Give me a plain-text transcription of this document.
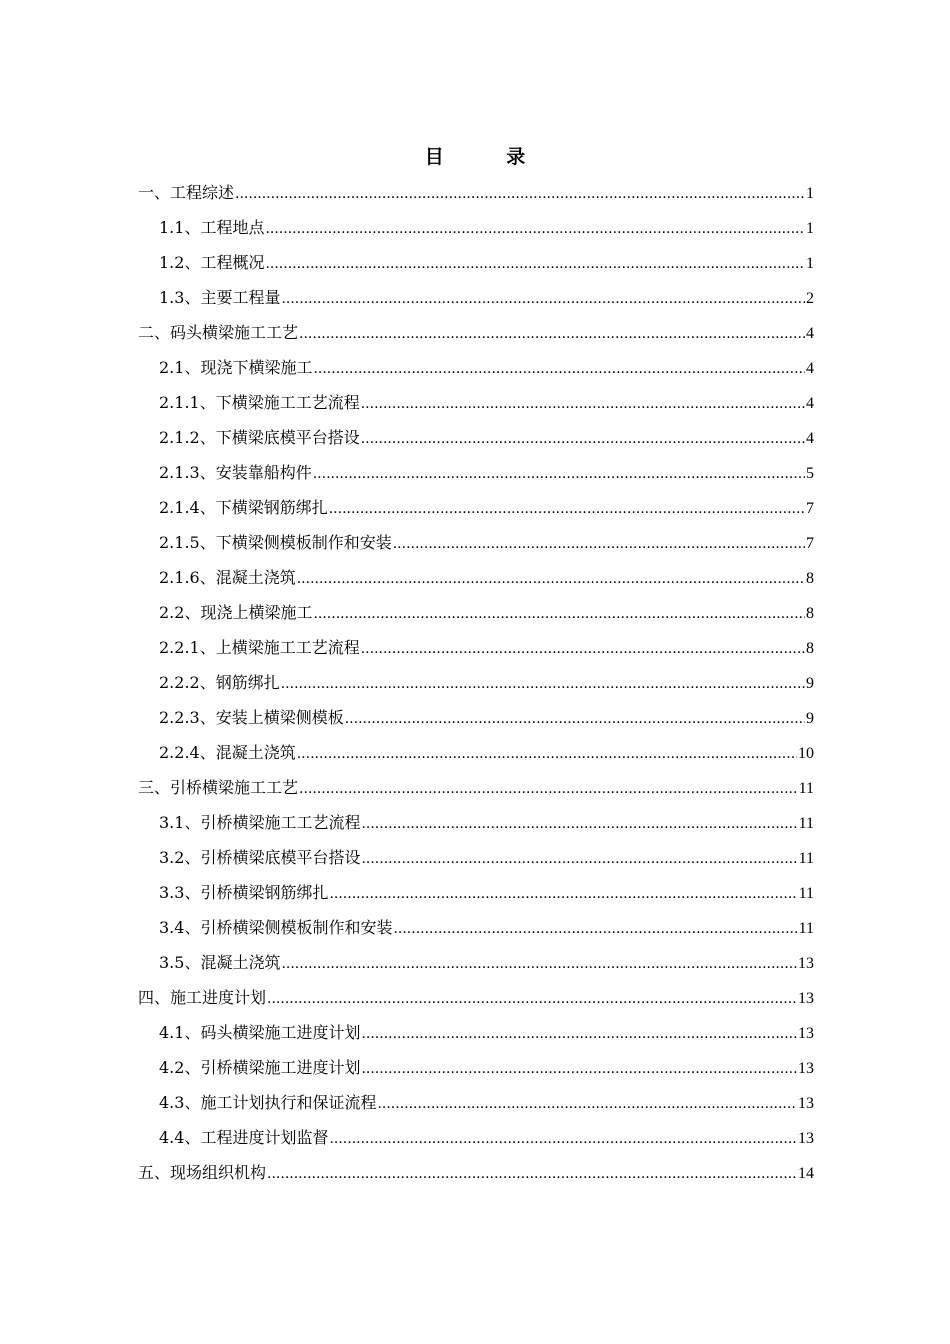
目 录
一、工程综述 .....	1
1.1、工程地点 .....	1
1.2、工程概况 .....	1
1.3、主要工程量 .....	2
二、码头横梁施工工艺 .....	4
2.1、现浇下横梁施工 .....	4
2.1.1、下横梁施工工艺流程 .....	4
2.1.2、下横梁底模平台搭设 .....	4
2.1.3、安装靠船构件 .....	5
2.1.4、下横梁钢筋绑扎 .....	7
2.1.5、下横梁侧模板制作和安装 .....	7
2.1.6、混凝土浇筑 .....	8
2.2、现浇上横梁施工 .....	8
2.2.1、上横梁施工工艺流程 .....	8
2.2.2、钢筋绑扎 .....	9
2.2.3、安装上横梁侧模板 .....	9
2.2.4、混凝土浇筑 .....	10
三、引桥横梁施工工艺 .....	11
3.1、引桥横梁施工工艺流程 .....	11
3.2、引桥横梁底模平台搭设 .....	11
3.3、引桥横梁钢筋绑扎 .....	11
3.4、引桥横梁侧模板制作和安装 .....	11
3.5、混凝土浇筑 .....	13
四、施工进度计划 .....	13
4.1、码头横梁施工进度计划 .....	13
4.2、引桥横梁施工进度计划 .....	13
4.3、施工计划执行和保证流程 .....	13
4.4、工程进度计划监督 .....	13
五、现场组织机构 .....	14
